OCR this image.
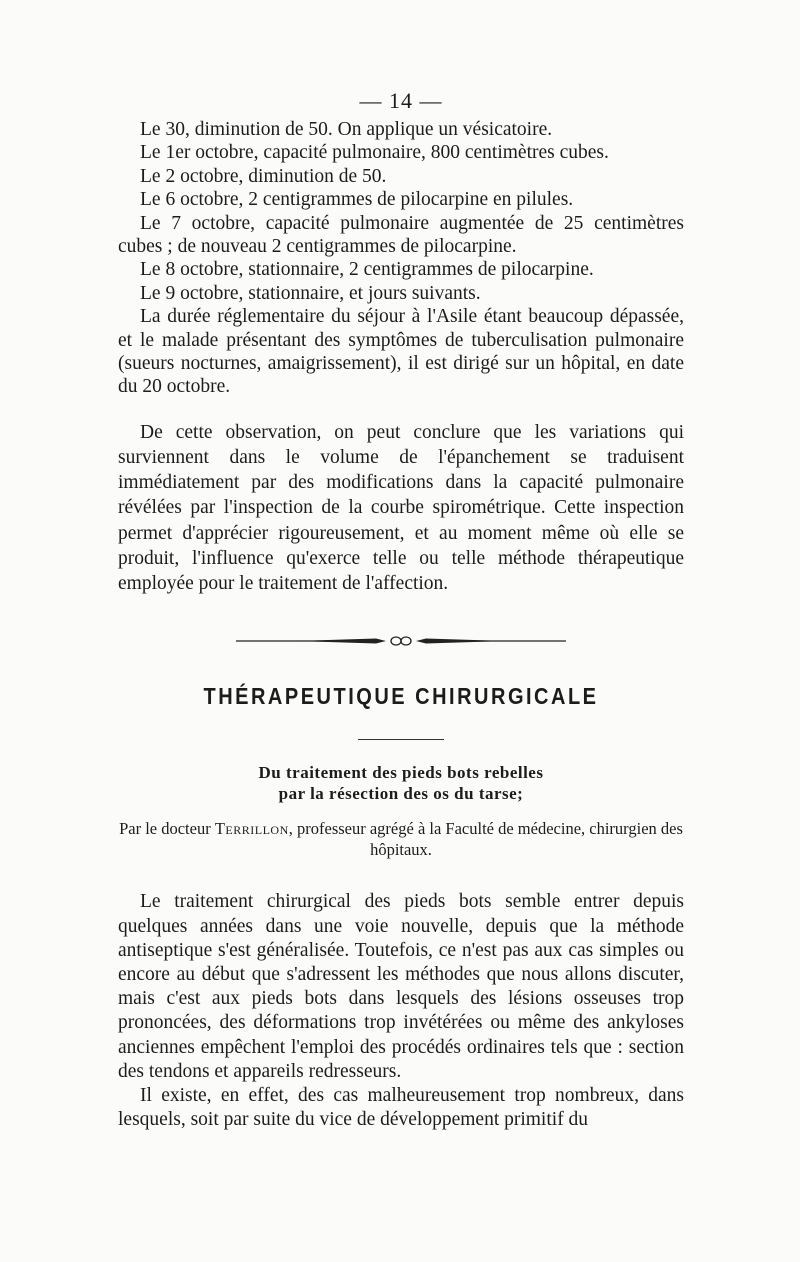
— 14 —

Le 30, diminution de 50. On applique un vésicatoire.

Le 1er octobre, capacité pulmonaire, 800 centimètres cubes.

Le 2 octobre, diminution de 50.

Le 6 octobre, 2 centigrammes de pilocarpine en pilules.

Le 7 octobre, capacité pulmonaire augmentée de 25 centimètres cubes ; de nouveau 2 centigrammes de pilocarpine.

Le 8 octobre, stationnaire, 2 centigrammes de pilocarpine.

Le 9 octobre, stationnaire, et jours suivants.

La durée réglementaire du séjour à l'Asile étant beaucoup dépassée, et le malade présentant des symptômes de tuberculisation pulmonaire (sueurs nocturnes, amaigrissement), il est dirigé sur un hôpital, en date du 20 octobre.

De cette observation, on peut conclure que les variations qui surviennent dans le volume de l'épanchement se traduisent immédiatement par des modifications dans la capacité pulmonaire révélées par l'inspection de la courbe spirométrique. Cette inspection permet d'apprécier rigoureusement, et au moment même où elle se produit, l'influence qu'exerce telle ou telle méthode thérapeutique employée pour le traitement de l'affection.

THÉRAPEUTIQUE CHIRURGICALE
Du traitement des pieds bots rebelles
par la résection des os du tarse;
Par le docteur Terrillon, professeur agrégé à la Faculté de médecine, chirurgien des hôpitaux.

Le traitement chirurgical des pieds bots semble entrer depuis quelques années dans une voie nouvelle, depuis que la méthode antiseptique s'est généralisée. Toutefois, ce n'est pas aux cas simples ou encore au début que s'adressent les méthodes que nous allons discuter, mais c'est aux pieds bots dans lesquels des lésions osseuses trop prononcées, des déformations trop invétérées ou même des ankyloses anciennes empêchent l'emploi des procédés ordinaires tels que : section des tendons et appareils redresseurs.

Il existe, en effet, des cas malheureusement trop nombreux, dans lesquels, soit par suite du vice de développement primitif du
